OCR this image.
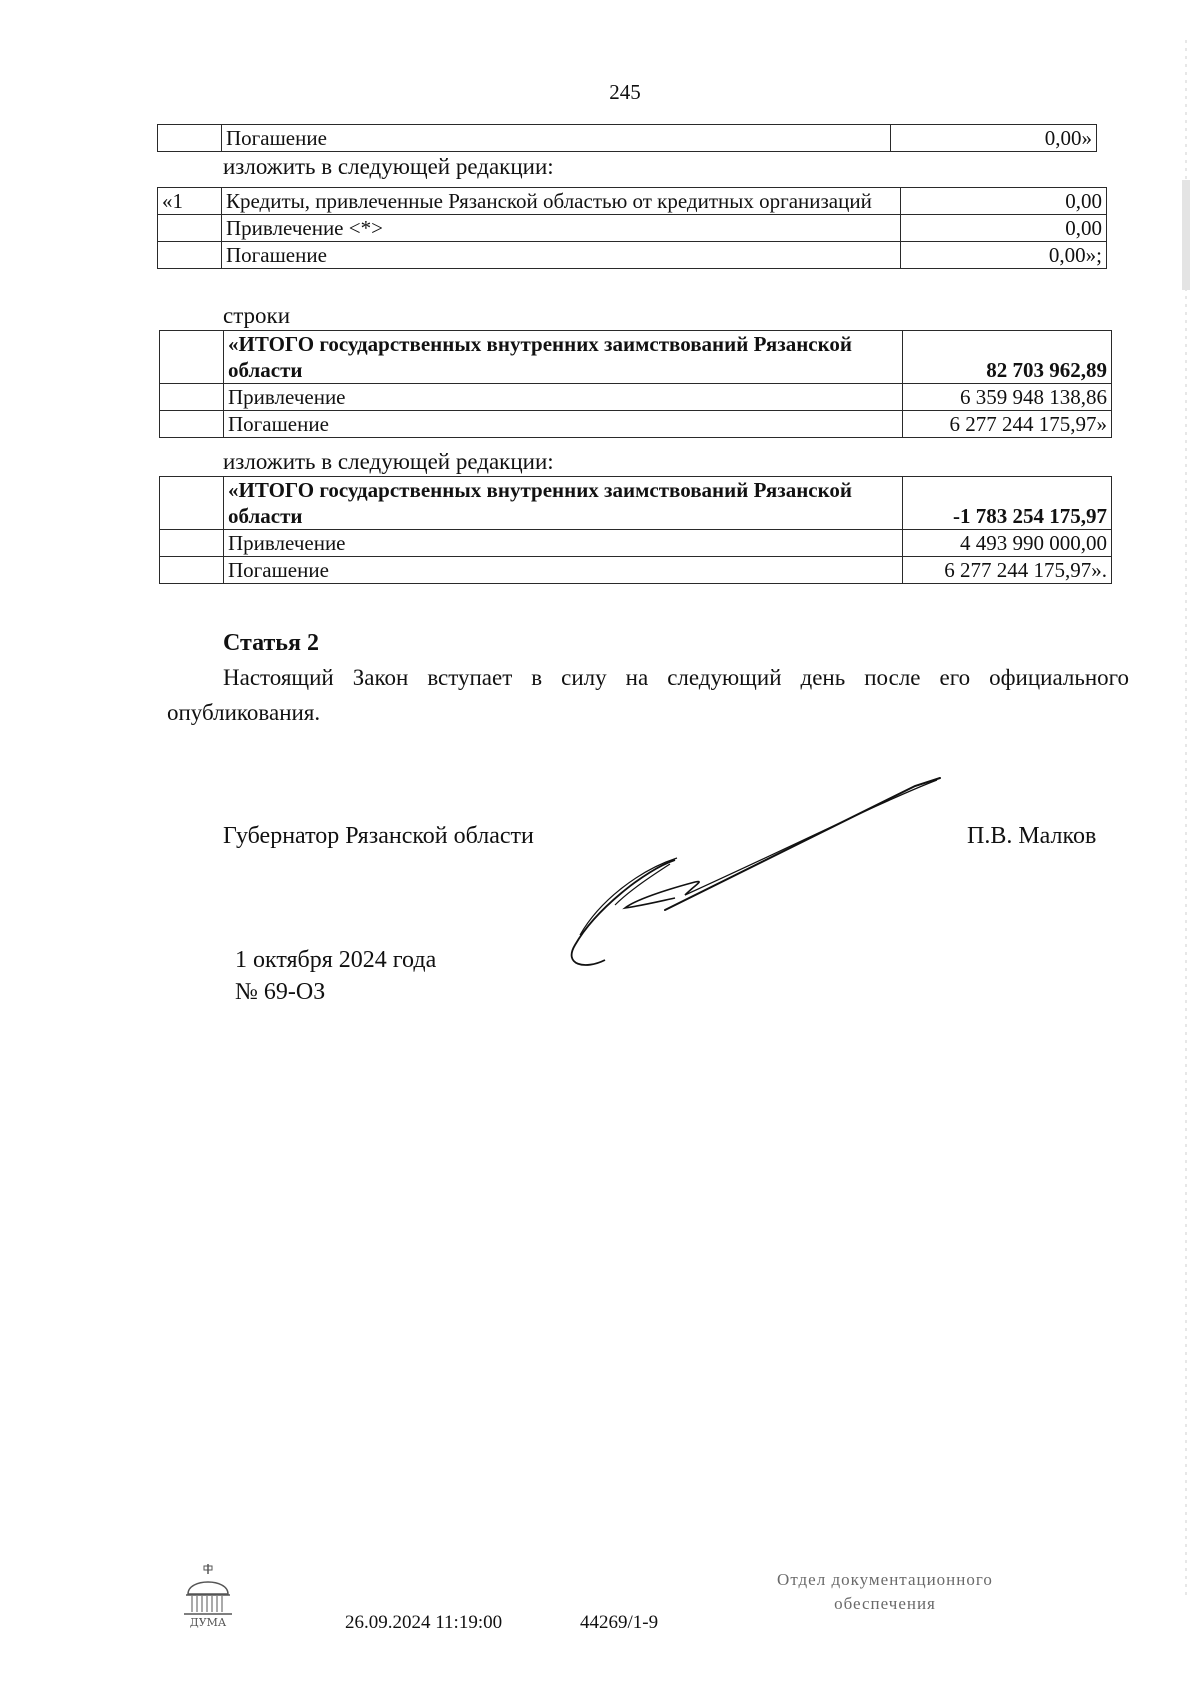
245
	Погашение	0,00»
изложить в следующей редакции:
«1	Кредиты, привлеченные Рязанской областью от кредитных организаций	0,00
	Привлечение <*>	0,00
	Погашение	0,00»;
строки
	«ИТОГО государственных внутренних заимствований Рязанской области	82 703 962,89
	Привлечение	6 359 948 138,86
	Погашение	6 277 244 175,97»
изложить в следующей редакции:
	«ИТОГО государственных внутренних заимствований Рязанской области	-1 783 254 175,97
	Привлечение	4 493 990 000,00
	Погашение	6 277 244 175,97».
Статья 2
Настоящий Закон вступает в силу на следующий день после его официального опубликования.
Губернатор Рязанской области	П.В. Малков
1 октября 2024 года
№ 69-ОЗ
ДУМА	26.09.2024 11:19:00	44269/1-9
Отдел документационного
обеспечения
